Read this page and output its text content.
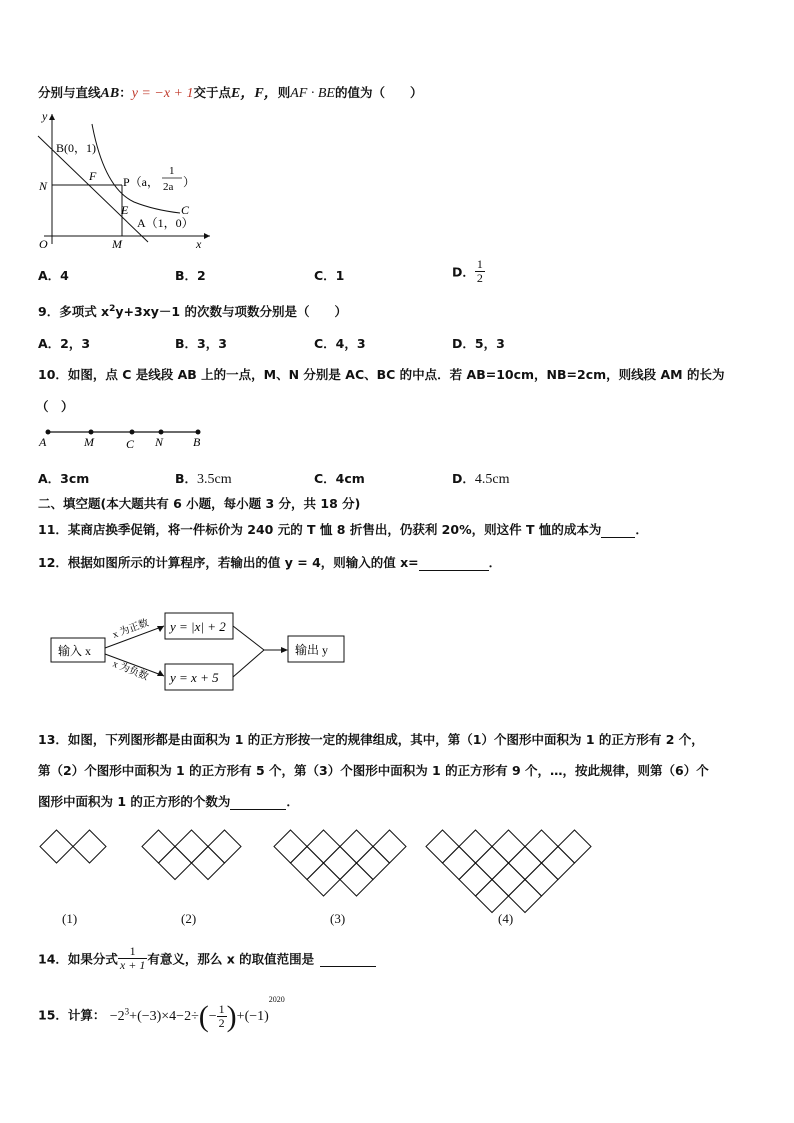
分别与直线AB：y = −x + 1交于点E，F，则AF · BE的值为（　　）
y
x
O
B(0，1)
N
F P（a，
1
2a ）
E	C
A（1，0）
M
A．4	B．2	C．1	D． $\frac{1}{2}$
9．多项式 $x^2y+3xy-1$ 的次数与项数分别是（　　）
A．2，3	B．3，3	C．4，3	D．5，3
10．如图，点 C 是线段 AB 上的一点，M、N 分别是 AC、BC 的中点．若 AB=10cm，NB=2cm，则线段 AM 的长为
（　）
A	M	C N B
A．3cm	B．3.5cm	C．4cm	D．4.5cm
二、填空题(本大题共有 6 小题，每小题 3 分，共 18 分)
11．某商店换季促销，将一件标价为 240 元的 T 恤 8 折售出，仍获利 20%，则这件 T 恤的成本为	．
12．根据如图所示的计算程序，若输出的值 y = 4，则输入的值 x=	．
输入 x
x 为正数
x 为负数
y = |x| + 2
y = x + 5
输出 y
13．如图，下列图形都是由面积为 1 的正方形按一定的规律组成，其中，第（1）个图形中面积为 1 的正方形有 2 个，
第（2）个图形中面积为 1 的正方形有 5 个，第（3）个图形中面积为 1 的正方形有 9 个，…，按此规律，则第（6）个
图形中面积为 1 的正方形的个数为	．
(1)	(2)	(3)	(4)
14．如果分式 $\frac{1}{x + 1}$ 有意义，那么 x 的取值范围是
15．计算： $-2^3+(-3)\times 4-2\div(- \frac{1}{2} )+(-1)^{2020}$
